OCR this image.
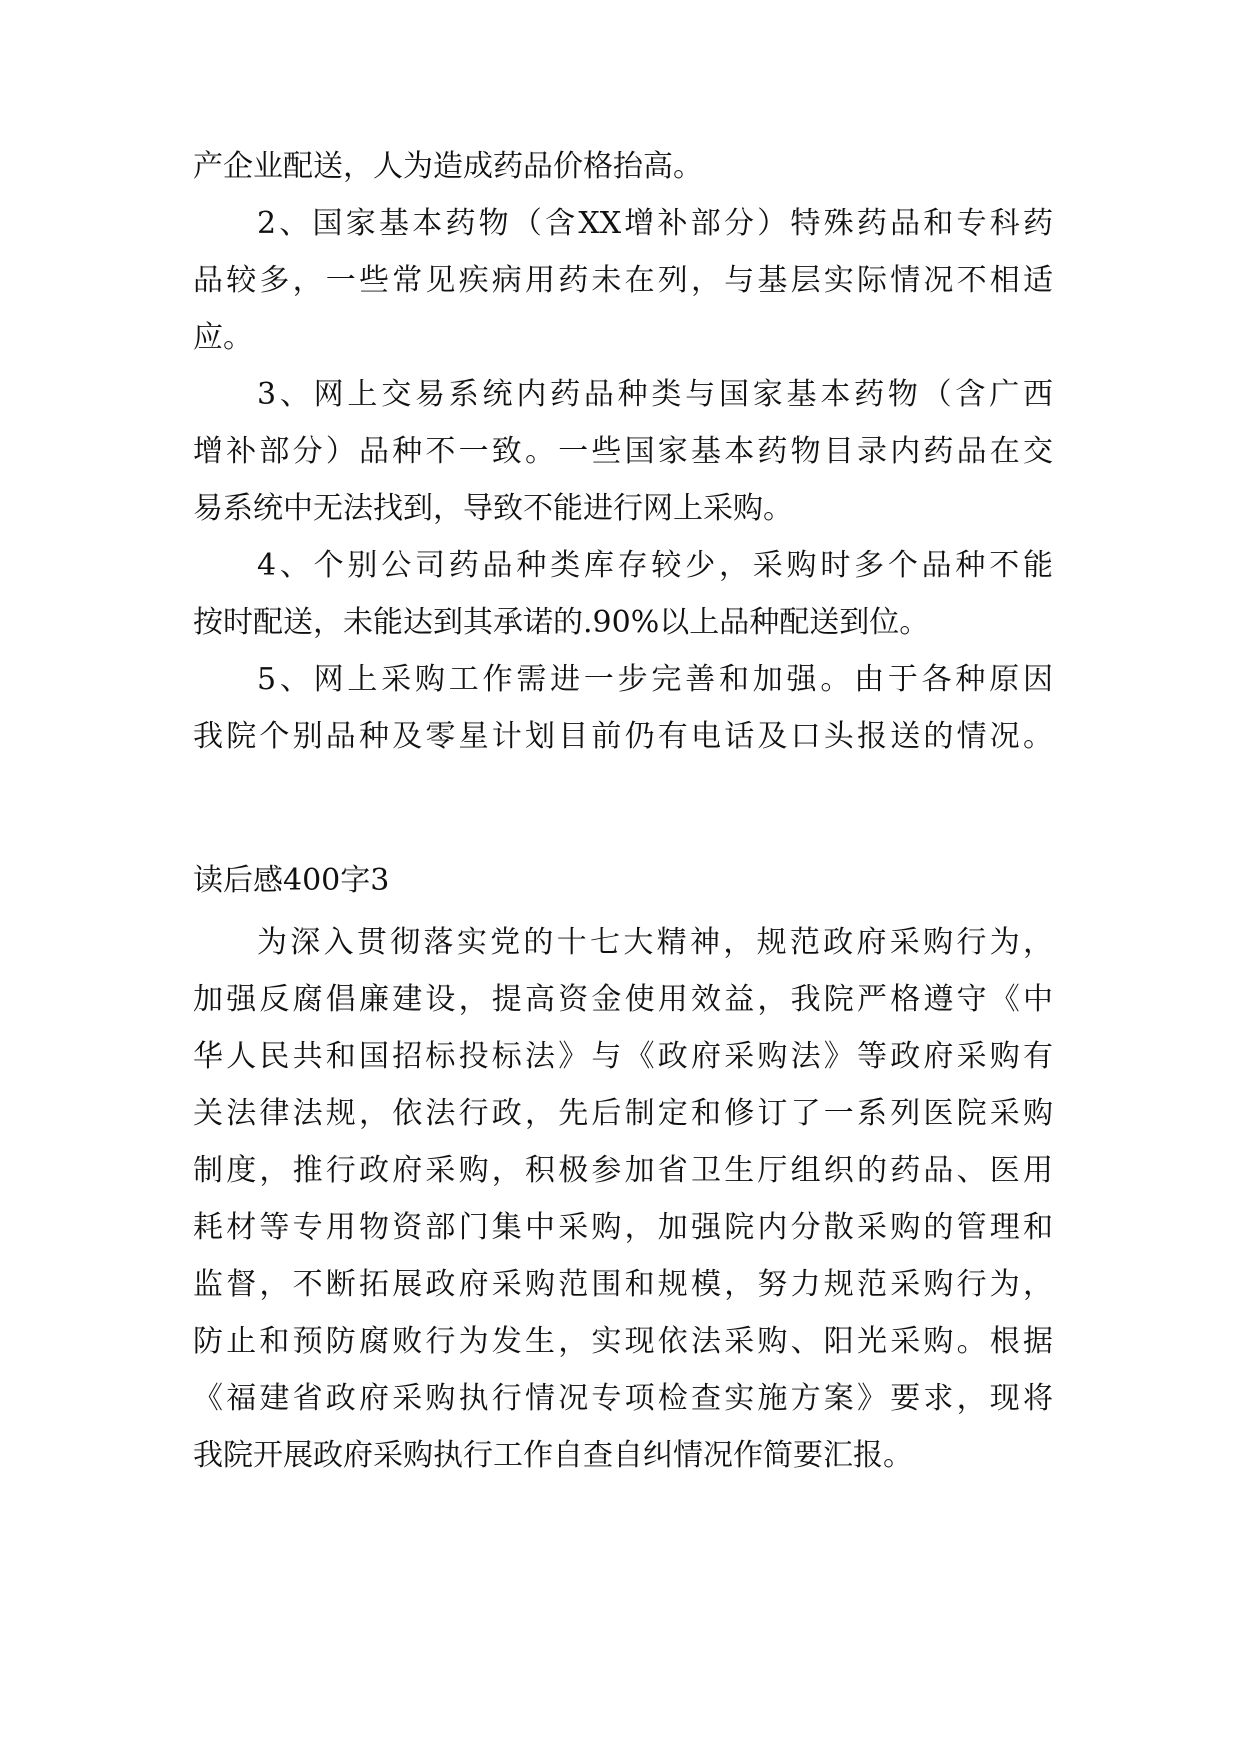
产企业配送，人为造成药品价格抬高。
2、国家基本药物（含XX增补部分）特殊药品和专科药
品较多，一些常见疾病用药未在列，与基层实际情况不相适
应。
3、网上交易系统内药品种类与国家基本药物（含广西
增补部分）品种不一致。一些国家基本药物目录内药品在交
易系统中无法找到，导致不能进行网上采购。
4、个别公司药品种类库存较少，采购时多个品种不能
按时配送，未能达到其承诺的.90%以上品种配送到位。
5、网上采购工作需进一步完善和加强。由于各种原因
我院个别品种及零星计划目前仍有电话及口头报送的情况。
读后感400字3
为深入贯彻落实党的十七大精神，规范政府采购行为，
加强反腐倡廉建设，提高资金使用效益，我院严格遵守《中
华人民共和国招标投标法》与《政府采购法》等政府采购有
关法律法规，依法行政，先后制定和修订了一系列医院采购
制度，推行政府采购，积极参加省卫生厅组织的药品、医用
耗材等专用物资部门集中采购，加强院内分散采购的管理和
监督，不断拓展政府采购范围和规模，努力规范采购行为，
防止和预防腐败行为发生，实现依法采购、阳光采购。根据
《福建省政府采购执行情况专项检查实施方案》要求，现将
我院开展政府采购执行工作自查自纠情况作简要汇报。
